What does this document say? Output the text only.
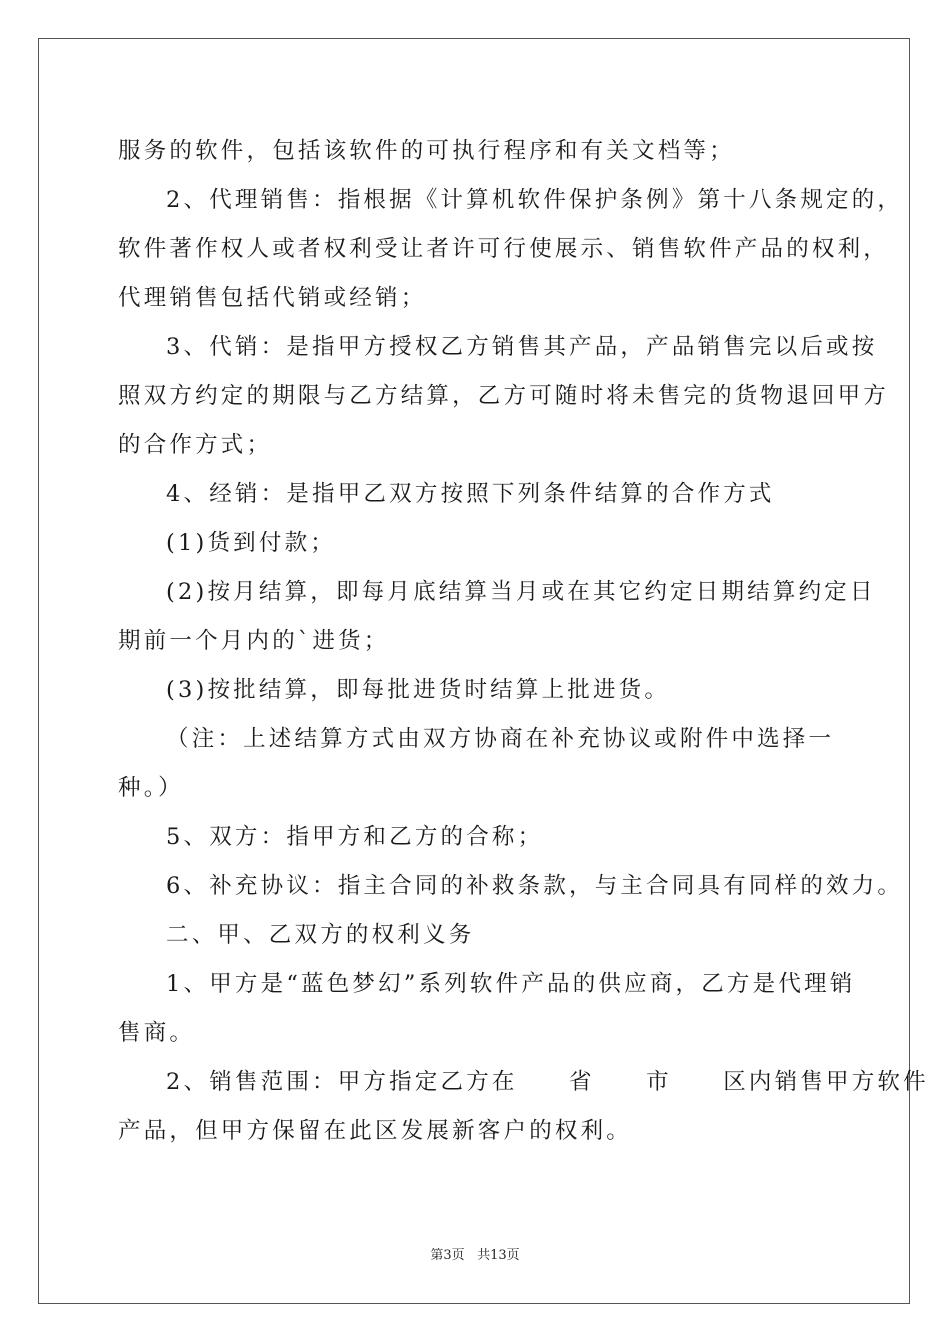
服务的软件，包括该软件的可执行程序和有关文档等；
2、代理销售：指根据《计算机软件保护条例》第十八条规定的，
软件著作权人或者权利受让者许可行使展示、销售软件产品的权利，
代理销售包括代销或经销；
3、代销：是指甲方授权乙方销售其产品，产品销售完以后或按
照双方约定的期限与乙方结算，乙方可随时将未售完的货物退回甲方
的合作方式；
4、经销：是指甲乙双方按照下列条件结算的合作方式
(1)货到付款；
(2)按月结算，即每月底结算当月或在其它约定日期结算约定日
期前一个月内的`进货；
(3)按批结算，即每批进货时结算上批进货。
（注：上述结算方式由双方协商在补充协议或附件中选择一
种。）
5、双方：指甲方和乙方的合称；
6、补充协议：指主合同的补救条款，与主合同具有同样的效力。
二、甲、乙双方的权利义务
1、甲方是“蓝色梦幻”系列软件产品的供应商，乙方是代理销
售商。
2、销售范围：甲方指定乙方在　　省　　市　　区内销售甲方软件
产品，但甲方保留在此区发展新客户的权利。
第3页 共13页
